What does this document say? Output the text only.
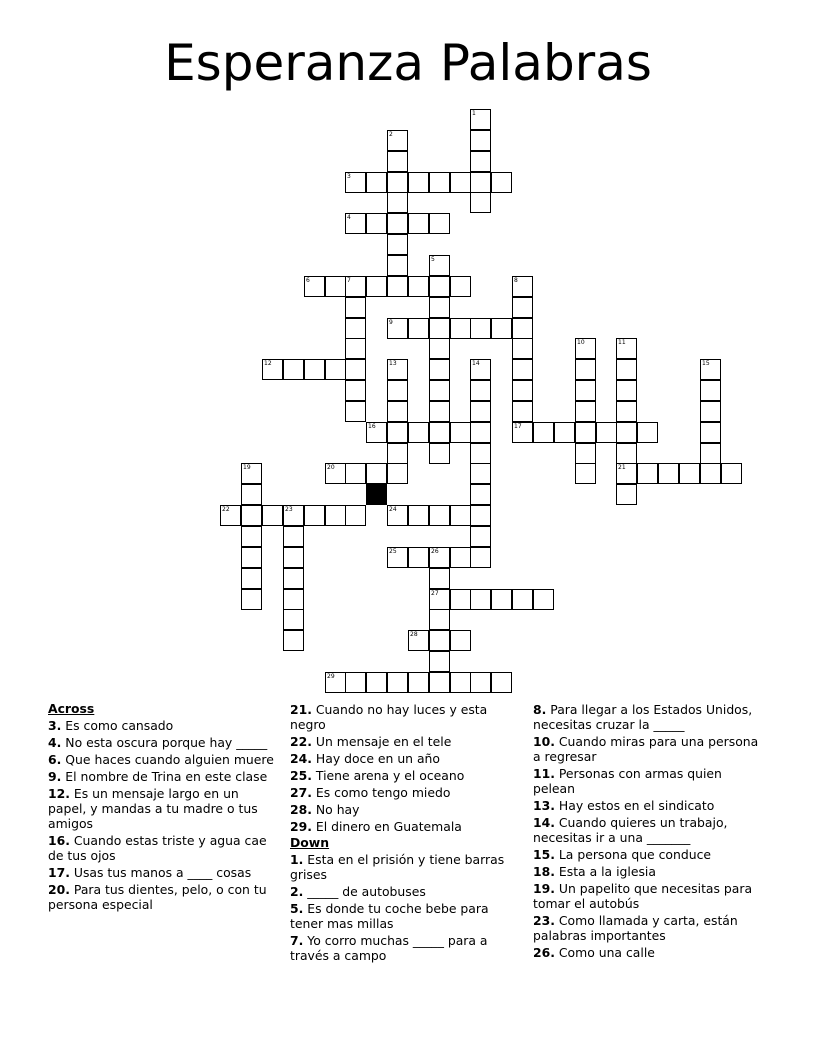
Esperanza Palabras
1
2
3
4
5
6	7	8
17
9
10	11
21
12	13	14	15
16
19	20
22	23	24
25	26
27
28
29
Across
3. Es como cansado
4. No esta oscura porque hay _____
6. Que haces cuando alguien muere
9. El nombre de Trina en este clase
12. Es un mensaje largo en un papel, y mandas a tu madre o tus amigos
16. Cuando estas triste y agua cae de tus ojos
17. Usas tus manos a ____ cosas
20. Para tus dientes, pelo, o con tu persona especial
21. Cuando no hay luces y esta negro
22. Un mensaje en el tele
24. Hay doce en un año
25. Tiene arena y el oceano
27. Es como tengo miedo
28. No hay
29. El dinero en Guatemala
Down
1. Esta en el prisión y tiene barras grises
2. _____ de autobuses
5. Es donde tu coche bebe para tener mas millas
7. Yo corro muchas _____ para a través a campo
8. Para llegar a los Estados Unidos, necesitas cruzar la _____
10. Cuando miras para una persona a regresar
11. Personas con armas quien pelean
13. Hay estos en el sindicato
14. Cuando quieres un trabajo, necesitas ir a una _______
15. La persona que conduce
18. Esta a la iglesia
19. Un papelito que necesitas para tomar el autobús
23. Como llamada y carta, están palabras importantes
26. Como una calle
